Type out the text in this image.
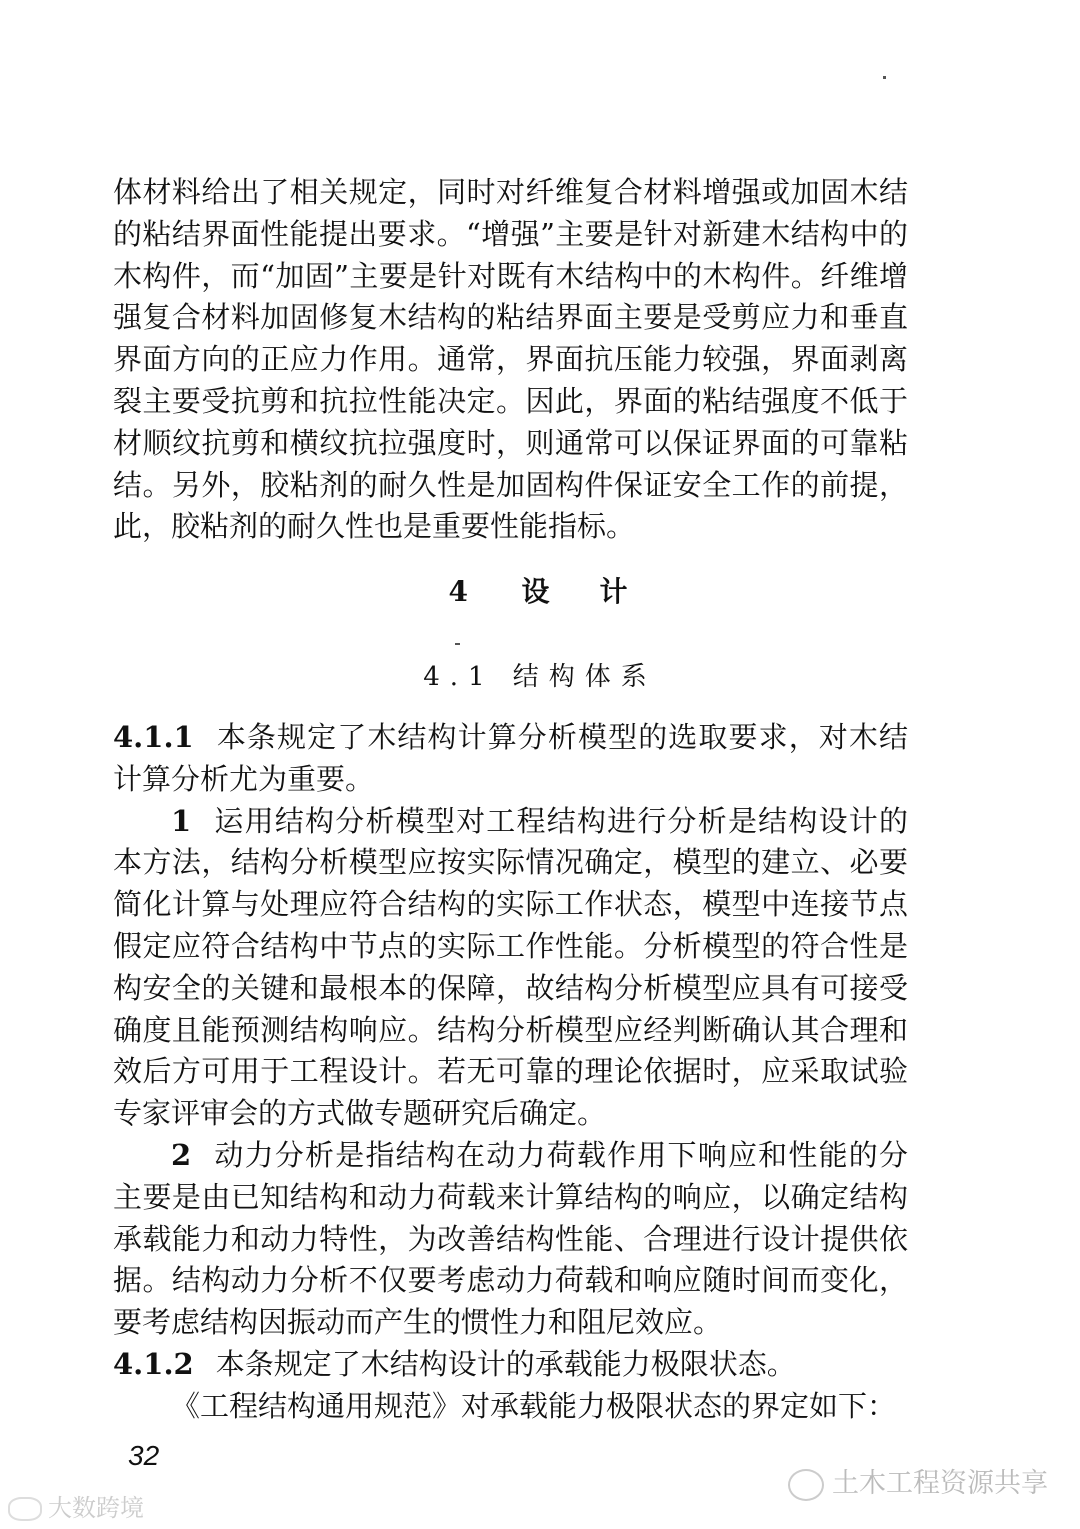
体材料给出了相关规定，同时对纤维复合材料增强或加固木结
的粘结界面性能提出要求。“增强”主要是针对新建木结构中的
木构件，而“加固”主要是针对既有木结构中的木构件。纤维增
强复合材料加固修复木结构的粘结界面主要是受剪应力和垂直
界面方向的正应力作用。通常，界面抗压能力较强，界面剥离
裂主要受抗剪和抗拉性能决定。因此，界面的粘结强度不低于
材顺纹抗剪和横纹抗拉强度时，则通常可以保证界面的可靠粘
结。另外，胶粘剂的耐久性是加固构件保证安全工作的前提，
此，胶粘剂的耐久性也是重要性能指标。
4 设 计
4.1 结构体系
4.1.1 本条规定了木结构计算分析模型的选取要求，对木结
计算分析尤为重要。
1 运用结构分析模型对工程结构进行分析是结构设计的
本方法，结构分析模型应按实际情况确定，模型的建立、必要
简化计算与处理应符合结构的实际工作状态，模型中连接节点
假定应符合结构中节点的实际工作性能。分析模型的符合性是
构安全的关键和最根本的保障，故结构分析模型应具有可接受
确度且能预测结构响应。结构分析模型应经判断确认其合理和
效后方可用于工程设计。若无可靠的理论依据时，应采取试验
专家评审会的方式做专题研究后确定。
2 动力分析是指结构在动力荷载作用下响应和性能的分
主要是由已知结构和动力荷载来计算结构的响应，以确定结构
承载能力和动力特性，为改善结构性能、合理进行设计提供依
据。结构动力分析不仅要考虑动力荷载和响应随时间而变化，
要考虑结构因振动而产生的惯性力和阻尼效应。
4.1.2 本条规定了木结构设计的承载能力极限状态。
《工程结构通用规范》对承载能力极限状态的界定如下：
32
土木工程资源共享
大数跨境
